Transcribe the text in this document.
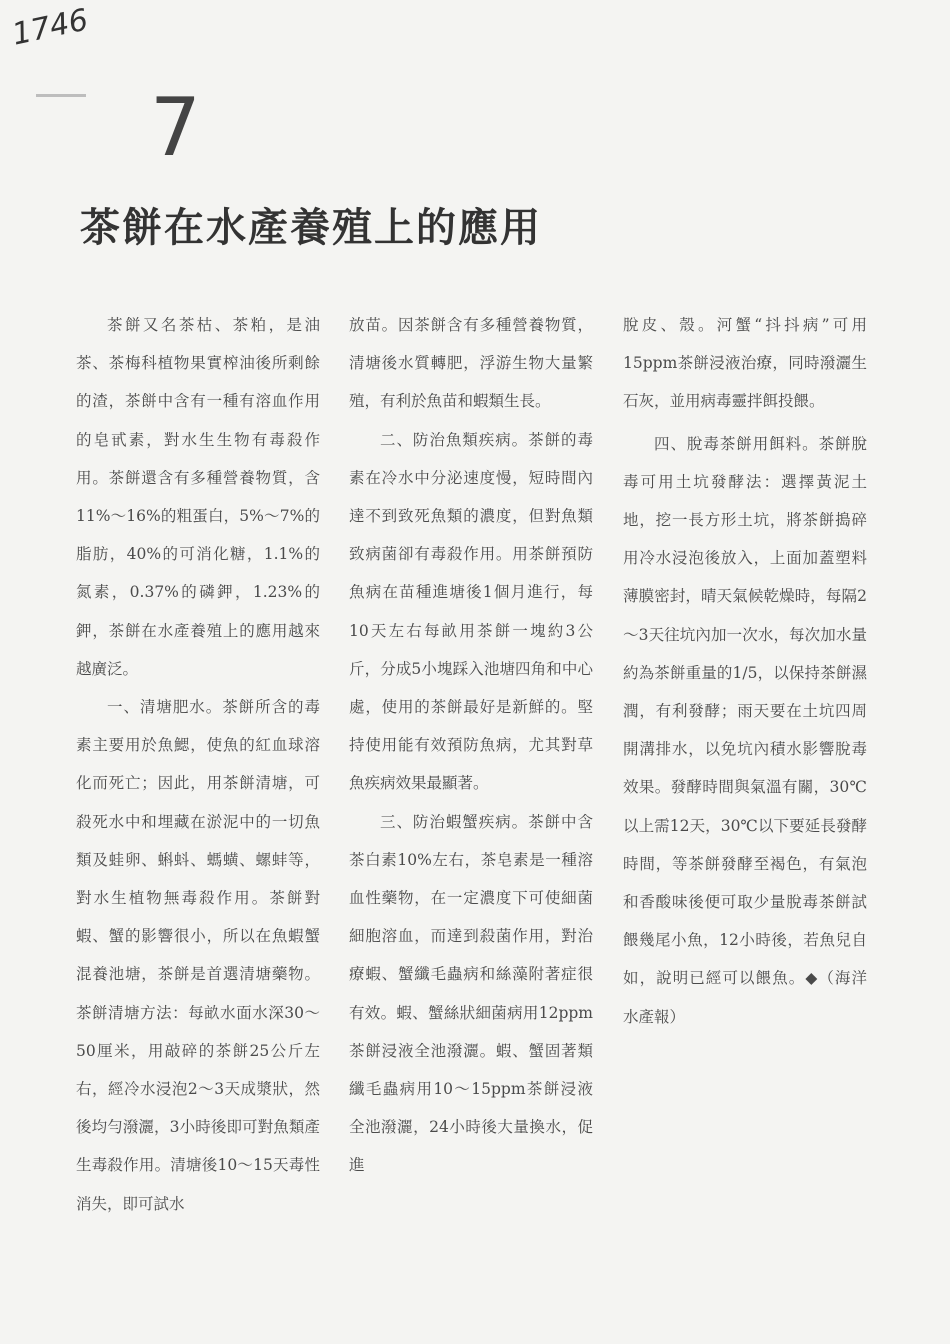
1746
7
茶餅在水產養殖上的應用

茶餅又名茶枯、茶粕，是油茶、茶梅科植物果實榨油後所剩餘的渣，茶餅中含有一種有溶血作用的皂甙素，對水生生物有毒殺作用。茶餅還含有多種營養物質，含11%～16%的粗蛋白，5%～7%的脂肪，40%的可消化糖，1.1%的氮素，0.37%的磷鉀，1.23%的鉀，茶餅在水產養殖上的應用越來越廣泛。

一、清塘肥水。茶餅所含的毒素主要用於魚鰓，使魚的紅血球溶化而死亡；因此，用茶餅清塘，可殺死水中和埋藏在淤泥中的一切魚類及蛙卵、蝌蚪、螞蟥、螺蚌等，對水生植物無毒殺作用。茶餅對蝦、蟹的影響很小，所以在魚蝦蟹混養池塘，茶餅是首選清塘藥物。茶餅清塘方法：每畝水面水深30～50厘米，用敲碎的茶餅25公斤左右，經冷水浸泡2～3天成漿狀，然後均勻潑灑，3小時後即可對魚類產生毒殺作用。清塘後10～15天毒性消失，即可試水

放苗。因茶餅含有多種營養物質，清塘後水質轉肥，浮游生物大量繁殖，有利於魚苗和蝦類生長。

二、防治魚類疾病。茶餅的毒素在冷水中分泌速度慢，短時間內達不到致死魚類的濃度，但對魚類致病菌卻有毒殺作用。用茶餅預防魚病在苗種進塘後1個月進行，每10天左右每畝用茶餅一塊約3公斤，分成5小塊踩入池塘四角和中心處，使用的茶餅最好是新鮮的。堅持使用能有效預防魚病，尤其對草魚疾病效果最顯著。

三、防治蝦蟹疾病。茶餅中含茶白素10%左右，茶皂素是一種溶血性藥物，在一定濃度下可使細菌細胞溶血，而達到殺菌作用，對治療蝦、蟹纖毛蟲病和絲藻附著症很有效。蝦、蟹絲狀細菌病用12ppm茶餅浸液全池潑灑。蝦、蟹固著類纖毛蟲病用10～15ppm茶餅浸液全池潑灑，24小時後大量換水，促進

脫皮、殼。河蟹“抖抖病”可用15ppm茶餅浸液治療，同時潑灑生石灰，並用病毒靈拌餌投餵。

四、脫毒茶餅用餌料。茶餅脫毒可用土坑發酵法：選擇黃泥土地，挖一長方形土坑，將茶餅搗碎用冷水浸泡後放入，上面加蓋塑料薄膜密封，晴天氣候乾燥時，每隔2～3天往坑內加一次水，每次加水量約為茶餅重量的1/5，以保持茶餅濕潤，有利發酵；雨天要在土坑四周開溝排水，以免坑內積水影響脫毒效果。發酵時間與氣溫有關，30℃以上需12天，30℃以下要延長發酵時間，等茶餅發酵至褐色，有氣泡和香酸味後便可取少量脫毒茶餅試餵幾尾小魚，12小時後，若魚兒自如，說明已經可以餵魚。◆（海洋水產報）
